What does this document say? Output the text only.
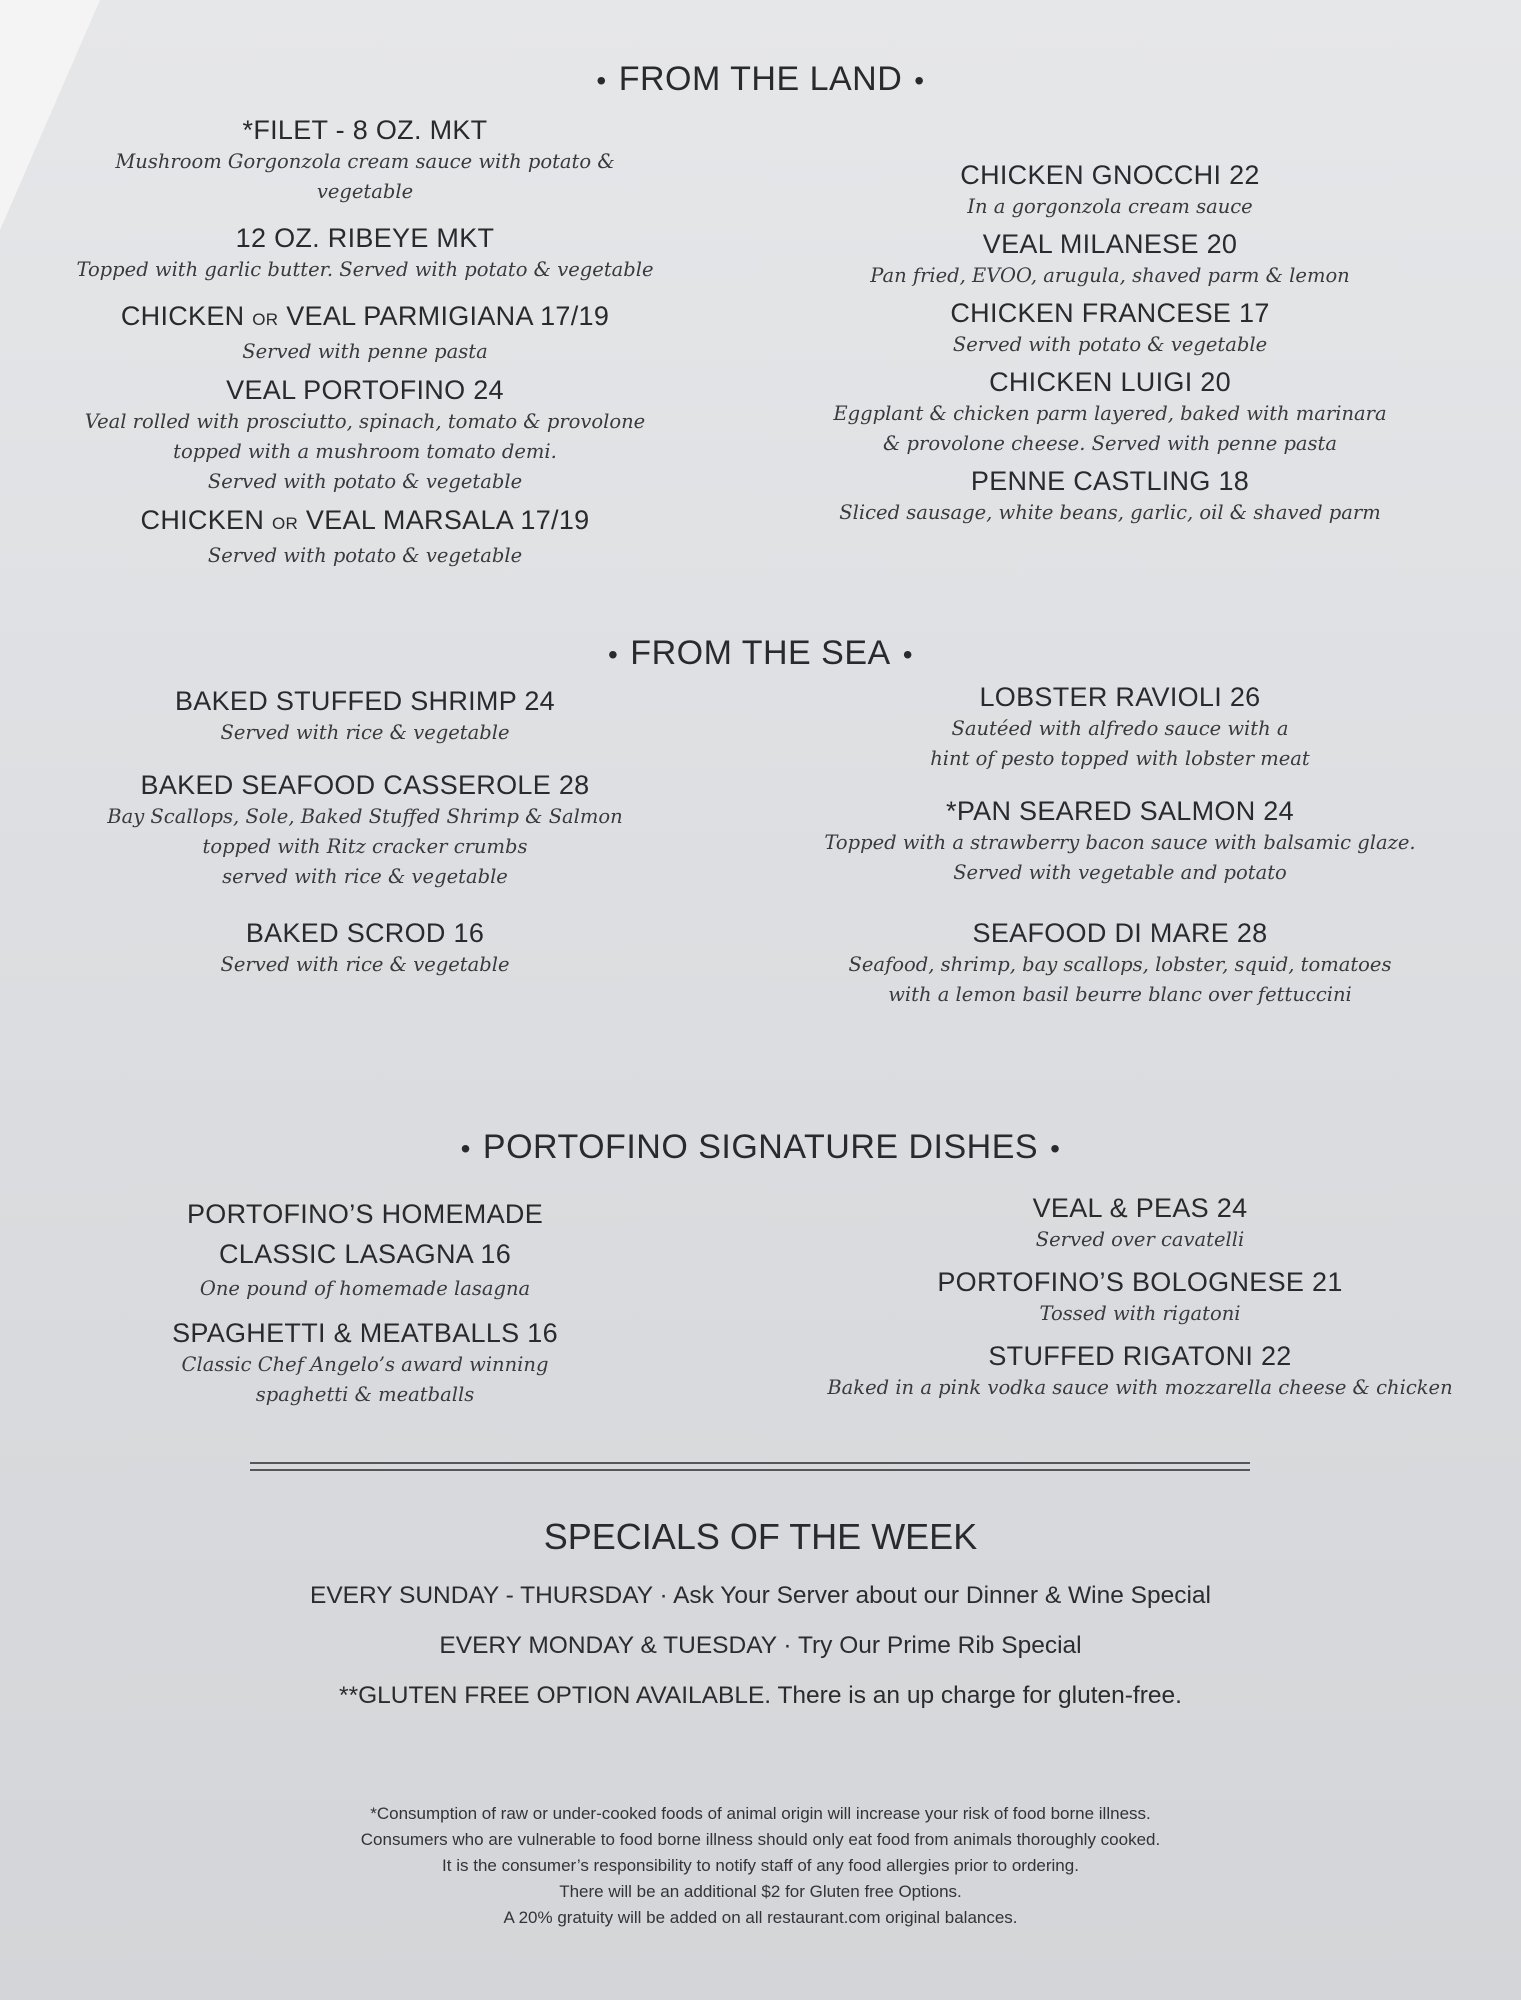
• FROM THE LAND •
*FILET - 8 OZ. MKT
Mushroom Gorgonzola cream sauce with potato & vegetable
12 OZ. RIBEYE MKT
Topped with garlic butter. Served with potato & vegetable
CHICKEN OR VEAL PARMIGIANA 17/19
Served with penne pasta
VEAL PORTOFINO 24
Veal rolled with prosciutto, spinach, tomato & provolone
topped with a mushroom tomato demi.
Served with potato & vegetable
CHICKEN OR VEAL MARSALA 17/19
Served with potato & vegetable
CHICKEN GNOCCHI 22
In a gorgonzola cream sauce
VEAL MILANESE 20
Pan fried, EVOO, arugula, shaved parm & lemon
CHICKEN FRANCESE 17
Served with potato & vegetable
CHICKEN LUIGI 20
Eggplant & chicken parm layered, baked with marinara
& provolone cheese. Served with penne pasta
PENNE CASTLING 18
Sliced sausage, white beans, garlic, oil & shaved parm
• FROM THE SEA •
BAKED STUFFED SHRIMP 24
Served with rice & vegetable
BAKED SEAFOOD CASSEROLE 28
Bay Scallops, Sole, Baked Stuffed Shrimp & Salmon
topped with Ritz cracker crumbs
served with rice & vegetable
BAKED SCROD 16
Served with rice & vegetable
LOBSTER RAVIOLI 26
Sautéed with alfredo sauce with a
hint of pesto topped with lobster meat
*PAN SEARED SALMON 24
Topped with a strawberry bacon sauce with balsamic glaze.
Served with vegetable and potato
SEAFOOD DI MARE 28
Seafood, shrimp, bay scallops, lobster, squid, tomatoes
with a lemon basil beurre blanc over fettuccini
• PORTOFINO SIGNATURE DISHES •
PORTOFINO’S HOMEMADE
CLASSIC LASAGNA 16
One pound of homemade lasagna
SPAGHETTI & MEATBALLS 16
Classic Chef Angelo’s award winning
spaghetti & meatballs
VEAL & PEAS 24
Served over cavatelli
PORTOFINO’S BOLOGNESE 21
Tossed with rigatoni
STUFFED RIGATONI 22
Baked in a pink vodka sauce with mozzarella cheese & chicken
SPECIALS OF THE WEEK
EVERY SUNDAY - THURSDAY · Ask Your Server about our Dinner & Wine Special
EVERY MONDAY & TUESDAY · Try Our Prime Rib Special
**GLUTEN FREE OPTION AVAILABLE. There is an up charge for gluten-free.
*Consumption of raw or under-cooked foods of animal origin will increase your risk of food borne illness.
Consumers who are vulnerable to food borne illness should only eat food from animals thoroughly cooked.
It is the consumer’s responsibility to notify staff of any food allergies prior to ordering.
There will be an additional $2 for Gluten free Options.
A 20% gratuity will be added on all restaurant.com original balances.
